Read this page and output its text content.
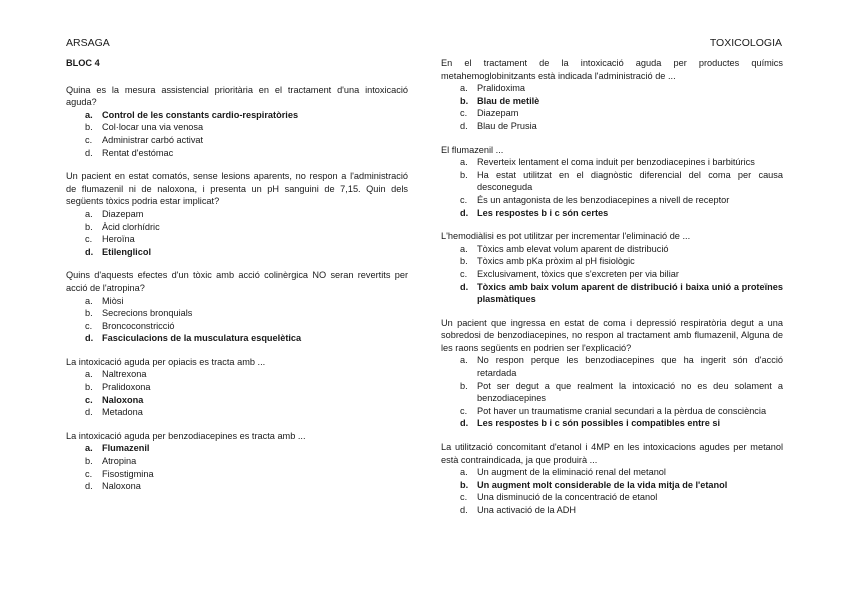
ARSAGA	TOXICOLOGIA
BLOC 4

Quina es la mesura assistencial prioritària en el tractament d'una intoxicació aguda?

a.	Control de les constants cardio-respiratòries
b.	Col·locar una via venosa
c.	Administrar carbó activat
d.	Rentat d'estómac

Un pacient en estat comatós, sense lesions aparents, no respon a l'administració de flumazenil ni de naloxona, i presenta un pH sanguini de 7,15. Quin dels següents tòxics podria estar implicat?

a.	Diazepam
b.	Àcid clorhídric
c.	Heroïna
d. Etilenglicol

Quins d'aquests efectes d'un tòxic amb acció colinèrgica NO seran revertits per acció de l'atropina?

a.	Miòsi
b.	Secrecions bronquials
c.	Broncoconstricció
d. Fasciculacions de la musculatura esquelètica

La intoxicació aguda per opiacis es tracta amb ...

a.	Naltrexona
b.	Pralidoxona
c.	Naloxona
d.	Metadona

La intoxicació aguda per benzodiacepines es tracta amb ...

a.	Flumazenil
b.	Atropina
c.	Fisostigmina
d.	Naloxona

En el tractament de la intoxicació aguda per productes químics metahemoglobinitzants està indicada l'administració de ...

a.	Pralidoxima
b. Blau de metilè
c.	Diazepam
d.	Blau de Prusia

El flumazenil ...

a.	Reverteix lentament el coma induit per benzodiacepines i barbitúrics
b.	Ha estat utilitzat en el diagnòstic diferencial del coma per causa desconeguda
c.	És un antagonista de les benzodiacepines a nivell de receptor
d. Les respostes b i c són certes

L'hemodiàlisi es pot utilitzar per incrementar l'eliminació de ...

a.	Tòxics amb elevat volum aparent de distribució
b.	Tòxics amb pKa pròxim al pH fisiològic
c.	Exclusivament, tòxics que s'excreten per via biliar
d. Tòxics amb baix volum aparent de distribució i baixa unió a proteïnes plasmàtiques

Un pacient que ingressa en estat de coma i depressió respiratòria degut a una sobredosi de benzodiacepines, no respon al tractament amb flumazenil, Alguna de les raons següents en podrien ser l'explicació?

a.	No respon perque les benzodiacepines que ha ingerit són d'acció retardada
b.	Pot ser degut a que realment la intoxicació no es deu solament a benzodiacepines
c.	Pot haver un traumatisme cranial secundari a la pèrdua de consciència
d. Les respostes b i c són possibles i compatibles entre si

La utilització concomitant d'etanol i 4MP en les intoxicacions agudes per metanol està contraindicada, ja que produirà ...

a.	Un augment de la eliminació renal del metanol
b. Un augment molt considerable de la vida mitja de l'etanol
c.	Una disminució de la concentració de etanol
d.	Una activació de la ADH
